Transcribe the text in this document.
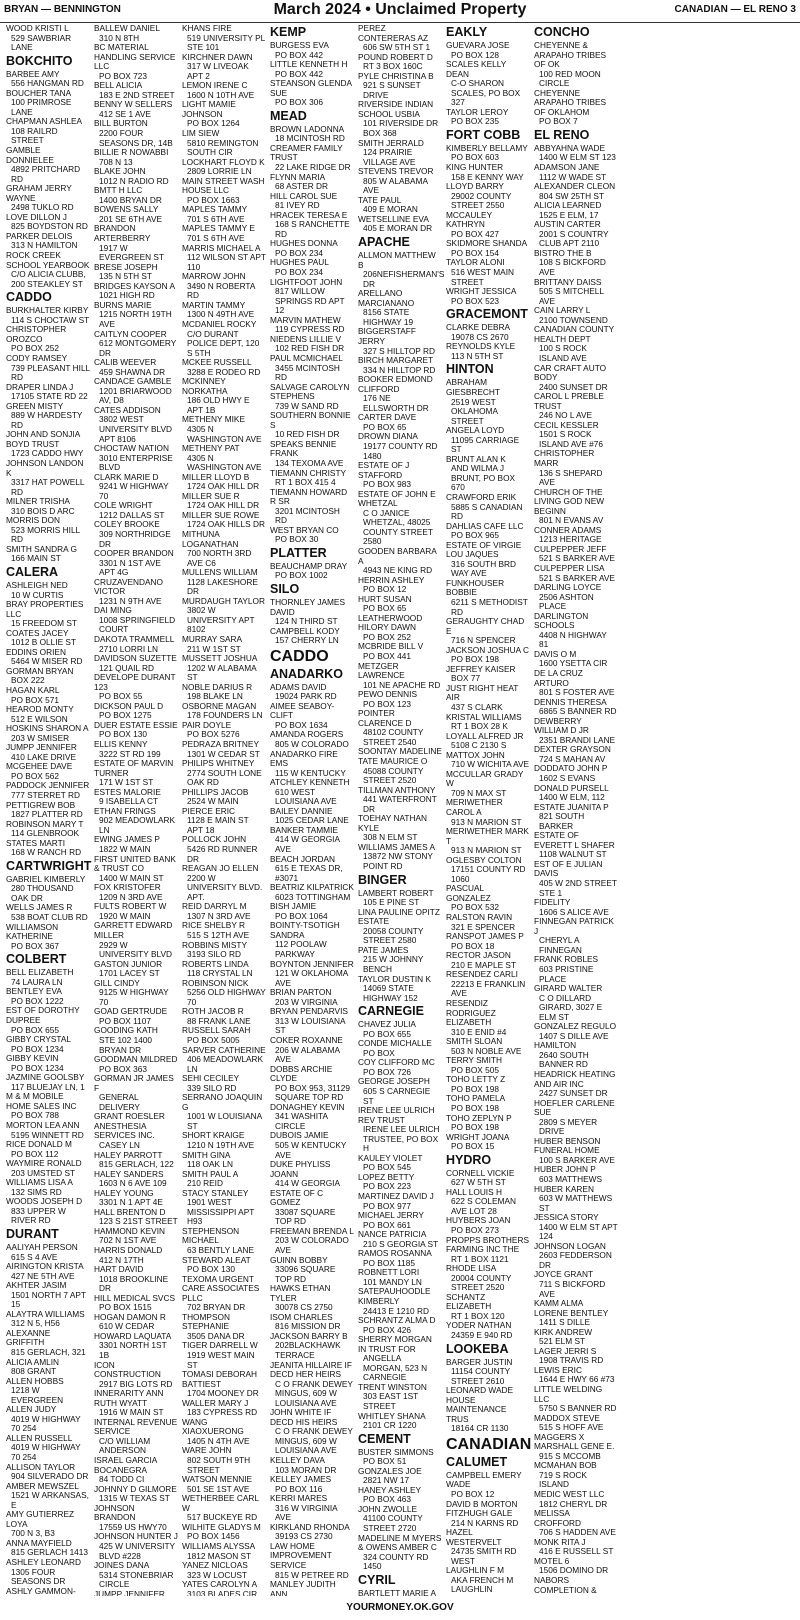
BRYAN — BENNINGTON	March 2024 • Unclaimed Property	CANADIAN — EL RENO 3
WOOD KRISTI L
529 SAWBRIAR LANE
BOKCHITO
BARBEE AMY
556 HANGMAN RD
BOUCHER TANA
100 PRIMROSE LANE
CHAPMAN ASHLEA
108 RAILRD STREET
GAMBLE DONNIELEE
4892 PRITCHARD RD
GRAHAM JERRY WAYNE
2498 TUKLO RD
LOVE DILLON J
825 BOYDSTON RD
PARKER DELOIS
313 N HAMILTON
ROCK CREEK SCHOOL YEARBOOK
C/O ALICIA CLUBB, 200 STEAKLEY ST
CADDO
BURKHALTER KIRBY
114 S CHOCTAW ST
CHRISTOPHER OROZCO
PO BOX 252
CODY RAMSEY
739 PLEASANT HILL RD
DRAPER LINDA J
17105 STATE RD 22
GREEN MISTY
889 W HARDESTY RD
JOHN AND SONJIA BOYD TRUST
1723 CADDO HWY
JOHNSON LANDON K
3317 HAT POWELL RD
MILNER TRISHA
310 BOIS D ARC
MORRIS DON
523 MORRIS HILL RD
SMITH SANDRA G
166 MAIN ST
CALERA
ASHLEIGH NED
10 W CURTIS
BRAY PROPERTIES LLC
15 FREEDOM ST
COATES JACEY
1012 B OLLIE ST
EDDINS ORIEN
5464 W MISER RD
GORMAN BRYAN
BOX 222
HAGAN KARL
PO BOX 571
HEAROD MONTY
512 E WILSON
HOSKINS SHARON A
203 W SMISER
JUMPP JENNIFER
410 LAKE DRIVE
MCGEHEE DAVE
PO BOX 562
PADDOCK JENNIFER
777 STERRET RD
PETTIGREW BOB
1827 PLATTER RD
ROBINSON MARY T
114 GLENBROOK
STATES MARTI
168 W RANCH RD
CARTWRIGHT
GABRIEL KIMBERLY
280 THOUSAND OAK DR
WELLS JAMES R
538 BOAT CLUB RD
WILLIAMSON KATHERINE
PO BOX 367
COLBERT
BELL ELIZABETH
74 LAURA LN
BENTLEY EVA
PO BOX 1222
EST OF DOROTHY DUPREE
PO BOX 655
GIBBY CRYSTAL
PO BOX 1234
GIBBY KEVIN
PO BOX 1234
JAZMINE GOOLSBY
117 BLUEJAY LN, 1
M & M MOBILE HOME SALES INC
PO BOX 788
MORTON LEA ANN
5195 WINNETT RD
RICE DONALD M
PO BOX 112
WAYMIRE RONALD
203 UMSTED ST
WILLIAMS LISA A
132 SIMS RD
WOODS JOSEPH D
833 UPPER W RIVER RD
DURANT
AALIYAH PERSON
615 S 4 AVE
AIRINGTON KRISTA
427 NE 5TH AVE
AKHTER JASIM
1501 NORTH 7 APT 15
ALAYTRA WILLIAMS
312 N 5, H56
ALEXANNE GRIFFITH
815 GERLACH, 321
ALICIA AMLIN
808 GRANT
ALLEN HOBBS
1218 W EVERGREEN
ALLEN JUDY
4019 W HIGHWAY 70 254
ALLEN RUSSELL
4019 W HIGHWAY 70 254
ALLISON TAYLOR
904 SILVERADO DR
AMBER MEWSZEL
1521 W ARKANSAS, E
AMY GUTIERREZ LOYA
700 N 3, B3
ANNA MAYFIELD
815 GERLACH 1413
ASHLEY LEONARD
1305 FOUR SEASONS DR
ASHLY GAMMON-
BALLEW DANIEL
310 N 8TH
BC MATERIAL HANDLING SERVICE LLC
PO BOX 723
BELL ALICIA
183 E 2ND STREET
BENNY W SELLERS
412 SE 1 AVE
BILL BURTON
2200 FOUR SEASONS DR, 14B
BILLIE R NOWABBI
708 N 13
BLAKE JOHN
1012 N RADIO RD
BMTT H LLC
1400 BRYAN DR
BOWENS SALLY
201 SE 6TH AVE
BRANDON ARTERBERRY
1917 W EVERGREEN ST
BRESE JOSEPH
135 N 5TH ST
BRIDGES KAYSON A
1021 HIGH RD
BURNS MARIE
1215 NORTH 19TH AVE
CAITLYN COOPER
612 MONTGOMERY DR
CALIB WEEVER
459 SHAWNA DR
CANDACE GAMBLE
1201 BRIARWOOD AV, D8
CATES ADDISON
3802 WEST UNIVERSITY BLVD APT 8106
CHOCTAW NATION
3010 ENTERPRISE BLVD
CLARK MARIE D
9241 W HIGHWAY 70
COLE WRIGHT
1212 DALLAS ST
COLEY BROOKE
309 NORTHRIDGE DR
COOPER BRANDON
3301 N 1ST AVE APT 4G
CRUZAVENDANO VICTOR
1231 N 9TH AVE
DAI MING
1008 SPRINGFIELD COURT
DAKOTA TRAMMELL
2710 LORRI LN
DAVIDSON SUZETTE
121 QUAIL RD
DEVELOPE DURANT 123
PO BOX 55
DICKSON PAUL D
PO BOX 1275
DUER ESTATE ESSIE
PO BOX 130
ELLIS KENNY
3222 ST RD 199
ESTATE OF MARVIN TURNER
171 W 1ST ST
ESTES MALORIE
9 ISABELLA CT
ETHAN FRINGS
902 MEADOWLARK LN
EWING JAMES P
1822 W MAIN
FIRST UNITED BANK & TRUST CO
1400 W MAIN ST
FOX KRISTOFER
1209 N 3RD AVE
FULTS ROBERT W
1920 W MAIN
GARRETT EDWARD MILLER
2929 W UNIVERSITY BLVD
GASTON JUNIOR
1701 LACEY ST
GILL CINDY
9125 W HIGHWAY 70
GOAD GERTRUDE
PO BOX 1107
GOODING KATH
STE 102 1400 BRYAN DR
GOODMAN MILDRED
PO BOX 363
GORMAN JR JAMES F
GENERAL DELIVERY
GRANT ROESLER ANESTHESIA SERVICES INC.
CASEY LN
HALEY PARROTT
815 GERLACH, 122
HALEY SANDERS
1603 N 6 AVE 109
HALEY YOUNG
3301 N 1 APT 4E
HALL BRENTON D
123 S 21ST STREET
HAMMOND KEVIN
702 N 1ST AVE
HARRIS DONALD
412 N 17TH
HART DAVID
1018 BROOKLINE DR
HILL MEDICAL SVCS
PO BOX 1515
HOGAN DAMON R
610 W CEDAR
HOWARD LAQUATA
3301 NORTH 1ST 1B
ICON CONSTRUCTION
2917 BIG LOTS RD
INNERARITY ANN RUTH WYATT
1916 W MAIN ST
INTERNAL REVENUE SERVICE
C/O WILLIAM ANDERSON
ISRAEL GARCIA BOCANEGRA
84 TODD CI
JOHNNY D GILMORE
1315 W TEXAS ST
JOHNSON BRANDON
17559 US HWY70
JOHNSON HUNTER J
425 W UNIVERSITY BLVD #228
JOINES DANA
5314 STONEBRIAR CIRCLE
JUMPP JENNIFER
KHANS FIRE
519 UNIVERSITY PL STE 101
KIRCHNER DAWN
317 W LIVEOAK APT 2
LEMON IRENE C
1600 N 10TH AVE
LIGHT MAMIE JOHNSON
PO BOX 1264
LIM SIEW
5810 REMINGTON SOUTH CIR
LOCKHART FLOYD K
2809 LORRIE LN
MAIN STREET WASH HOUSE LLC
PO BOX 1663
MAPLES TAMMY
701 S 6TH AVE
MAPLES TAMMY E
701 S 6TH AVE
MARRIS MICHAEL A
112 WILSON ST APT 110
MARROW JOHN
3490 N ROBERTA RD
MARTIN TAMMY
1300 N 49TH AVE
MCDANIEL ROCKY
C/O DURANT POLICE DEPT, 120 S 5TH
MCKEE RUSSELL
3288 E RODEO RD
MCKINNEY NORKATHA
186 OLD HWY E APT 1B
METHENY MIKE
4305 N WASHINGTON AVE
METHENY PAT
4305 N WASHINGTON AVE
MILLER LLOYD B
1724 OAK HILL DR
MILLER SUE R
1724 OAK HILL DR
MILLER SUE ROWE
1724 OAK HILLS DR
MITHUNA LOGANATHAN
700 NORTH 3RD AVE C6
MULLENS WILLIAM
1128 LAKESHORE DR
MURDAUGH TAYLOR
3802 W UNIVERSITY APT 8102
MURRAY SARA
211 W 1ST ST
MUSSETT JOSHUA
1202 W ALABAMA ST
NOBLE DARIUS R
198 BLAKE LN
OSBORNE MAGAN
178 FOUNDERS LN
PAIR DOYLE
PO BOX 5276
PEDRAZA BRITNEY
1301 W CEDAR ST
PHILIPS WHITNEY
2774 SOUTH LONE OAK RD
PHILLIPS JACOB
2524 W MAIN
PIERCE ERIC
1128 E MAIN ST APT 18
POLLOCK JOHN
5426 RD RUNNER DR
REAGAN JO ELLEN
2200 W UNIVERSITY BLVD. APT.
REID DARRYL M
1307 N 3RD AVE
RICE SHELBY R
515 S 12TH AVE
ROBBINS MISTY
3193 SILO RD
ROBERTS LINDA
118 CRYSTAL LN
ROBINSON NICK
5256 OLD HIGHWAY 70
ROTH JACOB R
88 FRANK LANE
RUSSELL SARAH
PO BOX 5005
SARVER CATHERINE
406 MEADOWLARK LN
SEHI CECILEY
339 SILO RD
SERRANO JOAQUIN G
1001 W LOUISIANA ST
SHORT KRAIGE
1210 N 19TH AVE
SMITH GINA
118 OAK LN
SMITH PAUL A
210 REID
STACY STANLEY
1901 WEST MISSISSIPPI APT H93
STEPHENSON MICHAEL
63 BENTLY LANE
STEWARD ALEAT
PO BOX 130
TEXOMA URGENT CARE ASSOCIATES PLLC
702 BRYAN DR
THOMPSON STEPHANIE
3505 DANA DR
TIGER DARRELL W
1919 WEST MAIN ST
TOMASI DEBORAH BATTIEST
1704 MOONEY DR
WALLER MARY J
183 CYPRESS RD
WANG XIAOXUERONG
1405 N 4TH AVE
WARE JOHN
802 SOUTH 9TH STREET
WATSON MENNIE
501 SE 1ST AVE
WETHERBEE CARL W
517 BUCKEYE RD
WILHITE GLADYS M
PO BOX 1456
WILLIAMS ALYSSA
1812 MASON ST
YANEZ NICLOAS
323 W LOCUST
YATES CAROLYN A
3103 BLADES CIR
KEMP
BURGESS EVA
PO BOX 442
LITTLE KENNETH H
PO BOX 442
STEANSON GLENDA SUE
PO BOX 306
MEAD
BROWN LADONNA
18 MCINTOSH RD
CREAMER FAMILY TRUST
22 LAKE RIDGE DR
FLYNN MARIA
68 ASTER DR
HILL CAROL SUE
81 IVEY RD
HRACEK TERESA E
168 S RANCHETTE RD
HUGHES DONNA
PO BOX 234
HUGHES PAUL
PO BOX 234
LIGHTFOOT JOHN
817 WILLOW SPRINGS RD APT 12
MARVIN MATHEW
119 CYPRESS RD
NIEDENS LILLIE V
102 RED FISH DR
PAUL MCMICHAEL
3455 MCINTOSH RD
SALVAGE CAROLYN STEPHENS
739 W SAND RD
SOUTHERN BONNIE S
10 RED FISH DR
SPEAKS BENNIE FRANK
134 TEXOMA AVE
TIEMANN CHRISTY
RT 1 BOX 415 4
TIEMANN HOWARD R SR
3201 MCINTOSH RD
WEST BRYAN CO
PO BOX 30
PLATTER
BEAUCHAMP DRAY
PO BOX 1002
SILO
THORNLEY JAMES DAVID
124 N THIRD ST
CAMPBELL KODY
157 CHERRY LN
CADDO
ANADARKO
ADAMS DAVID
19024 PARK RD
AIMEE SEABOY-CLIFT
PO BOX 1634
AMANDA ROGERS
805 W COLORADO
ANADARKO FIRE EMS
115 W KENTUCKY
ATCHLEY KENNETH
610 WEST LOUISIANA AVE
BAILEY DANNIE
1025 CEDAR LANE
BANKER TAMMIE
414 W GEORGIA AVE
BEACH JORDAN
615 E TEXAS DR, #3071
BEATRIZ KILPATRICK
6023 TOTTINGHAM
BISH JAMIE
PO BOX 1064
BOINTY-TSOTIGH SANDRA
112 POOLAW PARKWAY
BOYNTON JENNIFER
121 W OKLAHOMA AVE
BRIAN PARTON
203 W VIRGINIA
BRYAN PENDARVIS
313 W LOUISIANA ST
COKER ROXANNE
206 W ALABAMA AVE
DOBBS ARCHIE CLYDE
PO BOX 953, 31129 SQUARE TOP RD
DONAGHEY KEVIN
341 WASHITA CIRCLE
DUBOIS JAMIE
505 W KENTUCKY AVE
DUKE PHYLISS JOANN
414 W GEORGIA
ESTATE OF C GOMEZ
33087 SQUARE TOP RD
FREEMAN BRENDA L
203 W COLORADO AVE
GUINN BOBBY
33096 SQUARE TOP RD
HAWKS ETHAN TYLER
30078 CS 2750
ISOM CHARLES
816 MISSION DR
JACKSON BARRY B
202BLACKHAWK TERRACE
JEANITA HILLAIRE IF DECD HER HEIRS
C O FRANK DEWEY MINGUS, 609 W LOUISIANA AVE
JOHN WHITE IF DECD HIS HEIRS
C O FRANK DEWEY MINGUS, 609 W LOUISIANA AVE
KELLEY DAVA
103 MORAN DR
KELLEY JAMES
PO BOX 116
KERRI MARES
316 W VIRGINIA AVE
KIRKLAND RHONDA
39193 CS 2730
LAW HOME IMPROVEMENT SERVICE
815 W PETREE RD
MANLEY JUDITH ANN
PEREZ CONTERERAS AZ
606 SW 5TH ST 1
POUND ROBERT D
RT 3 BOX 160C
PYLE CHRISTINA B
921 S SUNSET DRIVE
RIVERSIDE INDIAN SCHOOL USBIA
101 RIVERSIDE DR BOX 368
SMITH JERRALD
124 PRAIRIE VILLAGE AVE
STEVENS TREVOR
805 W ALABAMA AVE
TATE PAUL
409 E MORAN
WETSELLINE EVA
405 E MORAN DR
APACHE
ALLMON MATTHEW B
206NEFISHERMAN'S DR
ARELLANO MARCIANANO
8156 STATE HIGHWAY 19
BIGGERSTAFF JERRY
327 S HILLTOP RD
BIRCH MARGARET
334 N HILLTOP RD
BOOKER EDMOND CLIFFORD
176 NE ELLSWORTH DR
CARTER DAVE
PO BOX 65
DROWN DIANA
19177 COUNTY RD 1480
ESTATE OF J STAFFORD
PO BOX 983
ESTATE OF JOHN E WHETZAL
C O JANICE WHETZAL, 48025 COUNTY STREET 2580
GOODEN BARBARA A
4943 NE KING RD
HERRIN ASHLEY
PO BOX 12
HURT SUSAN
PO BOX 65
LEATHERWOOD HILORY DAWN
PO BOX 252
MCBRIDE BILL V
PO BOX 441
METZGER LAWRENCE
101 NE APACHE RD
PEWO DENNIS
PO BOX 123
POINTER CLARENCE D
48102 COUNTY STREET 2540
SOONTAY MADELINE
TATE MAURICE O
45088 COUNTY STREET 2520
TILLMAN ANTHONY
441 WATERFRONT DR
TOEHAY NATHAN KYLE
308 N ELM ST
WILLIAMS JAMES A
13872 NW STONY POINT RD
BINGER
LAMBERT ROBERT
105 E PINE ST
LINA PAULINE OPITZ ESTATE
20058 COUNTY STREET 2580
PATE JAMES
215 W JOHNNY BENCH
TAYLOR DUSTIN K
14069 STATE HIGHWAY 152
CARNEGIE
CHAVEZ JULIA
PO BOX 655
CONDE MICHALLE
PO BOX
COY CLIFFORD MC
PO BOX 726
GEORGE JOSEPH
605 S CARNEGIE ST
IRENE LEE ULRICH REV TRUST
IRENE LEE ULRICH TRUSTEE, PO BOX H
KAULEY VIOLET
PO BOX 545
LOPEZ BETTY
PO BOX 223
MARTINEZ DAVID J
PO BOX 977
MICHAEL JERRY
PO BOX 661
NANCE PATRICIA
210 S GEORGIA ST
RAMOS ROSANNA
PO BOX 1185
ROBNETT LORI
101 MANDY LN
SATEPAUHOODLE KIMBERLY
24413 E 1210 RD
SCHRANTZ ALMA D
PO BOX 426
SHERRY MORGAN IN TRUST FOR
ANGELLA MORGAN, 523 N CARNEGIE
TRENT WINSTON
303 EAST 1ST STREET
WHITLEY SHANA
2101 CR 1220
CEMENT
BUSTER SIMMONS
PO BOX 51
GONZALES JOE
2821 NW 17
HANEY ASHLEY
PO BOX 463
JOHN ZWOLLE
41100 COUNTY STREET 2720
MADELINE M MYERS & OWENS AMBER C
324 COUNTY RD 1450
CYRIL
BARTLETT MARIE A
EAKLY
GUEVARA JOSE
PO BOX 128
SCALES KELLY DEAN
C-O SHARON SCALES, PO BOX 327
TAYLOR LEROY
PO BOX 235
FORT COBB
KIMBERLY BELLAMY
PO BOX 603
KING HUNTER
158 E KENNY WAY
LLOYD BARRY
29002 COUNTY STREET 2550
MCCAULEY KATHRYN
PO BOX 427
SKIDMORE SHANDA
PO BOX 154
TAYLOR ALONI
516 WEST MAIN STREET
WRIGHT JESSICA
PO BOX 523
GRACEMONT
CLARKE DEBRA
19078 CS 2670
REYNOLDS KYLE
113 N 5TH ST
HINTON
ABRAHAM GIESBRECHT
2519 WEST OKLAHOMA STREET
ANGELA LOYD
11095 CARRIAGE ST
BRUNT ALAN K
AND WILMA J BRUNT, PO BOX 670
CRAWFORD ERIK
5885 S CANADIAN RD
DAHLIAS CAFE LLC
PO BOX 965
ESTATE OF VIRGIE LOU JAQUES
316 SOUTH BRD WAY AVE
FUNKHOUSER BOBBIE
6211 S METHODIST RD
GERAUGHTY CHAD E
716 N SPENCER
JACKSON JOSHUA C
PO BOX 198
JEFFREY KAISER
BOX 77
JUST RIGHT HEAT AIR
437 S CLARK
KRISTAL WILLIAMS
RT 1 BOX 28 K
LOYALL ALFRED JR
5108 C 2130 S
MATTOX JOHN
710 W WICHITA AVE
MCCULLAR GRADY W
709 N MAX ST
MERIWETHER CAROL A
913 N MARION ST
MERIWETHER MARK T
913 N MARION ST
OGLESBY COLTON
17151 COUNTY RD 1060
PASCUAL GONZALEZ
PO BOX 532
RALSTON RAVIN
321 E SPENCER
RANSPOT JAMES P
PO BOX 18
RECTOR JASON
210 E MAPLE ST
RESENDEZ CARLI
22213 E FRANKLIN AVE
RESENDIZ RODRIGUEZ ELIZABETH
310 E ENID #4
SMITH SLOAN
503 N NOBLE AVE
TERRY SMITH
PO BOX 505
TOHO LETTY Z
PO BOX 198
TOHO PAMELA
PO BOX 198
TOHO ZEPLYN P
PO BOX 198
WRIGHT JOANA
PO BOX 15
HYDRO
CORNELL VICKIE
627 W 5TH ST
HALL LOUIS H
622 S COLEMAN AVE LOT 28
HUYBERS JOAN
PO BOX 273
PROPPS BROTHERS FARMING INC THE
RT 1 BOX 1121
RHODE LISA
20004 COUNTY STREET 2520
SCHANTZ ELIZABETH
RT 1 BOX 120
YODER NATHAN
24359 E 940 RD
LOOKEBA
BARGER JUSTIN
11154 COUNTY STREET 2610
LEONARD WADE HOUSE MAINTENANCE TRUS
18164 CR 1130
CANADIAN
CALUMET
CAMPBELL EMERY WADE
PO BOX 12
DAVID B MORTON
FITZHUGH GALE
214 N KARNS RD
HAZEL WESTERVELT
24735 SMITH RD WEST
LAUGHLIN F M
AKA FRENCH M LAUGHLIN
CONCHO
CHEYENNE & ARAPAHO TRIBES OF OK
100 RED MOON CIRCLE
CHEYENNE ARAPAHO TRIBES OF OKLAHOM
PO BOX 7
EL RENO
ABBYAHNA WADE
1400 W ELM ST 123
ADAMSON JANE
1112 W WADE ST
ALEXANDER CLEON
804 SW 25TH ST
ALICIA LEARNED
1525 E ELM, 17
AUSTIN CARTER
2001 S COUNTRY CLUB APT 2110
BISTRO THE B
108 S BICKFORD AVE
BRITTANY DAISS
505 S MITCHELL AVE
CAIN LARRY L
2100 TOWNSEND
CANADIAN COUNTY HEALTH DEPT
100 S ROCK ISLAND AVE
CAR CRAFT AUTO BODY
2400 SUNSET DR
CAROL L PREBLE TRUST
246 NO L AVE
CECIL KESSLER
1501 S ROCK ISLAND AVE #76
CHRISTOPHER MARR
136 S SHEPARD AVE
CHURCH OF THE LIVING GOD NEW BEGINN
801 N EVANS AV
CONNER ADAMS
1213 HERITAGE
CULPEPPER JEFF
521 S BARKER AVE
CULPEPPER LISA
521 S BARKER AVE
DARLING LOYCE
2506 ASHTON PLACE
DARLINGTON SCHOOLS
4408 N HIGHWAY 81
DAVIS O M
1600 YSETTA CIR
DE LA CRUZ ARTURO
801 S FOSTER AVE
DENNIS THERESA
6865 S BANNER RD
DEWBERRY WILLIAM D JR
2351 BRANDI LANE
DEXTER GRAYSON
724 S MAHAN AV
DODDATO JOHN P
1602 S EVANS
DONALD PURSELL
1400 W ELM, 112
ESTATE JUANITA P
821 SOUTH BARKER
ESTATE OF EVERETT L SHAFER
1108 WALNUT ST
EST OF E JULIAN DAVIS
405 W 2ND STREET STE 1
FIDELITY
1606 S ALICE AVE
FINNEGAN PATRICK J
CHERYL A FINNEGAN
FRANK ROBLES
603 PRISTINE PLACE
GIRARD WALTER
C O DILLARD GIRARD, 3027 E ELM ST
GONZALEZ REGULO
1407 S DILLE AVE
HAMILTON
2640 SOUTH BANNER RD
HEADRICK HEATING AND AIR INC
2427 SUNSET DR
HOEFLER CARLENE SUE
2809 S MEYER DRIVE
HUBER BENSON FUNERAL HOME
100 S BARKER AVE
HUBER JOHN P
603 MATTHEWS
HUBER KAREN
603 W MATTHEWS ST
JESSICA STORY
1400 W ELM ST APT 124
JOHNSON LOGAN
2603 FEDDERSON DR
JOYCE GRANT
711 S BICKFORD AVE
KAMM ALMA LORENE BENTLEY
1411 S DILLE
KIRK ANDREW
521 ELM ST
LAGER JERRI S
1908 TRAVIS RD
LEWIS ERIC
1644 E HWY 66 #73
LITTLE WELDING LLC
5750 S BANNER RD
MADDOX STEVE
515 S HOFF AVE
MAGGERS X
MARSHALL GENE E.
915 S MCCOMB
MCMAHAN BOB
719 S ROCK ISLAND
MEDIC WEST LLC
1812 CHERYL DR
MELISSA CROFFORD
706 S HADDEN AVE
MONK RITA J
416 E RUSSELL ST
MOTEL 6
1506 DOMINO DR
NABORS COMPLETION &
YOURMONEY.OK.GOV
